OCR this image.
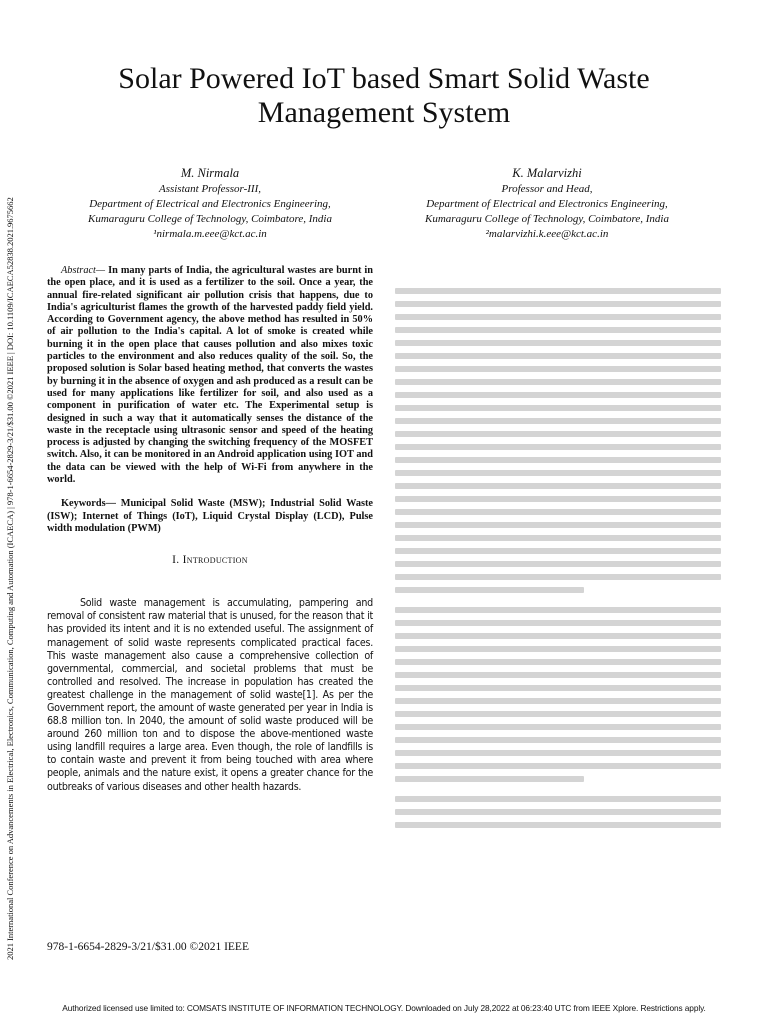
2021 International Conference on Advancements in Electrical, Electronics, Communication, Computing and Automation (ICAECA) | 978-1-6654-2829-3/21/$31.00 ©2021 IEEE | DOI: 10.1109/ICAECA52838.2021.9675662
Solar Powered IoT based Smart Solid Waste Management System
M. Nirmala
Assistant Professor-III,
Department of Electrical and Electronics Engineering,
Kumaraguru College of Technology, Coimbatore, India
¹nirmala.m.eee@kct.ac.in
K. Malarvizhi
Professor and Head,
Department of Electrical and Electronics Engineering,
Kumaraguru College of Technology, Coimbatore, India
²malarvizhi.k.eee@kct.ac.in

Abstract— In many parts of India, the agricultural wastes are burnt in the open place, and it is used as a fertilizer to the soil. Once a year, the annual fire-related significant air pollution crisis that happens, due to India's agriculturist flames the growth of the harvested paddy field yield. According to Government agency, the above method has resulted in 50% of air pollution to the India's capital. A lot of smoke is created while burning it in the open place that causes pollution and also mixes toxic particles to the environment and also reduces quality of the soil. So, the proposed solution is Solar based heating method, that converts the wastes by burning it in the absence of oxygen and ash produced as a result can be used for many applications like fertilizer for soil, and also used as a component in purification of water etc. The Experimental setup is designed in such a way that it automatically senses the distance of the waste in the receptacle using ultrasonic sensor and speed of the heating process is adjusted by changing the switching frequency of the MOSFET switch. Also, it can be monitored in an Android application using IOT and the data can be viewed with the help of Wi-Fi from anywhere in the world.

Keywords— Municipal Solid Waste (MSW); Industrial Solid Waste (ISW); Internet of Things (IoT), Liquid Crystal Display (LCD), Pulse width modulation (PWM)

I. Introduction

Solid waste management is accumulating, pampering and removal of consistent raw material that is unused, for the reason that it has provided its intent and it is no extended useful. The assignment of management of solid waste represents complicated practical faces. This waste management also cause a comprehensive collection of governmental, commercial, and societal problems that must be controlled and resolved. The increase in population has created the greatest challenge in the management of solid waste[1]. As per the Government report, the amount of waste generated per year in India is 68.8 million ton. In 2040, the amount of solid waste produced will be around 260 million ton and to dispose the above-mentioned waste using landfill requires a large area. Even though, the role of landfills is to contain waste and prevent it from being touched with area where people, animals and the nature exist, it opens a greater chance for the outbreaks of various diseases and other health hazards.

978-1-6654-2829-3/21/$31.00 ©2021 IEEE
Authorized licensed use limited to: COMSATS INSTITUTE OF INFORMATION TECHNOLOGY. Downloaded on July 28,2022 at 06:23:40 UTC from IEEE Xplore. Restrictions apply.
